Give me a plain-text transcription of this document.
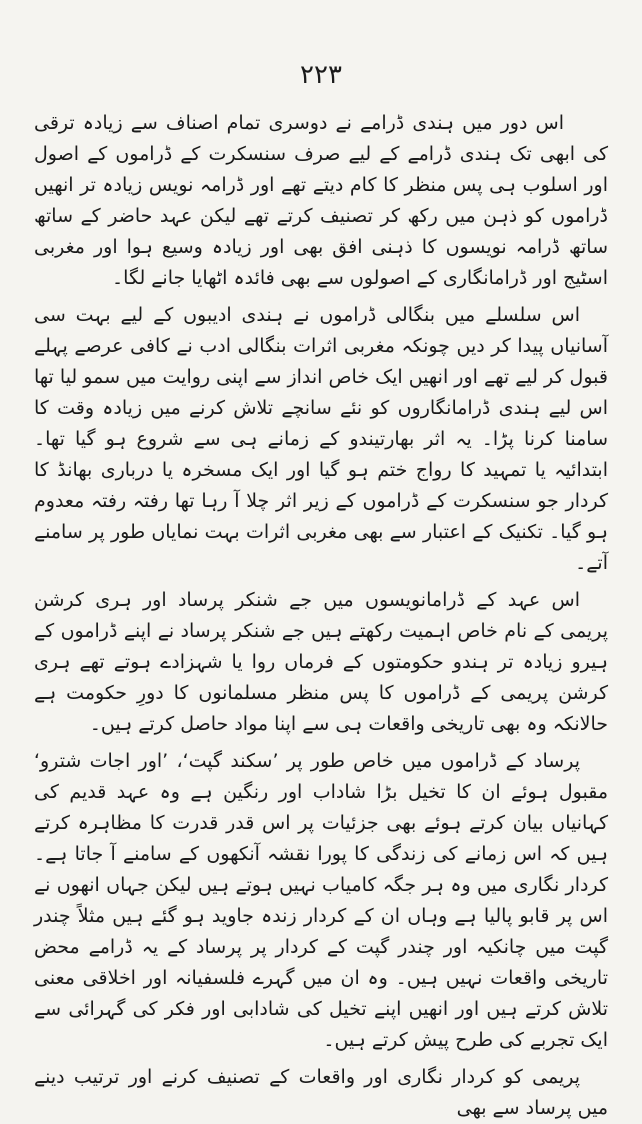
٢٢٣

اس دور میں ہندی ڈرامے نے دوسری تمام اصناف سے زیادہ ترقی کی ابھی تک ہندی ڈرامے کے لیے صرف سنسکرت کے ڈراموں کے اصول اور اسلوب ہی پس منظر کا کام دیتے تھے اور ڈرامہ نویس زیادہ تر انھیں ڈراموں کو ذہن میں رکھ کر تصنیف کرتے تھے لیکن عہد حاضر کے ساتھ ساتھ ڈرامہ نویسوں کا ذہنی افق بھی اور زیادہ وسیع ہوا اور مغربی اسٹیج اور ڈرامانگاری کے اصولوں سے بھی فائدہ اٹھایا جانے لگا۔

اس سلسلے میں بنگالی ڈراموں نے ہندی ادیبوں کے لیے بہت سی آسانیاں پیدا کر دیں چونکہ مغربی اثرات بنگالی ادب نے کافی عرصے پہلے قبول کر لیے تھے اور انھیں ایک خاص انداز سے اپنی روایت میں سمو لیا تھا اس لیے ہندی ڈرامانگاروں کو نئے سانچے تلاش کرنے میں زیادہ وقت کا سامنا کرنا پڑا۔ یہ اثر بھارتیندو کے زمانے ہی سے شروع ہو گیا تھا۔ ابتدائیہ یا تمہید کا رواج ختم ہو گیا اور ایک مسخرہ یا درباری بھانڈ کا کردار جو سنسکرت کے ڈراموں کے زیر اثر چلا آ رہا تھا رفتہ رفتہ معدوم ہو گیا۔ تکنیک کے اعتبار سے بھی مغربی اثرات بہت نمایاں طور پر سامنے آتے۔

اس عہد کے ڈرامانویسوں میں جے شنکر پرساد اور ہری کرشن پریمی کے نام خاص اہمیت رکھتے ہیں جے شنکر پرساد نے اپنے ڈراموں کے ہیرو زیادہ تر ہندو حکومتوں کے فرماں روا یا شہزادے ہوتے تھے ہری کرشن پریمی کے ڈراموں کا پس منظر مسلمانوں کا دورِ حکومت ہے حالانکہ وہ بھی تاریخی واقعات ہی سے اپنا مواد حاصل کرتے ہیں۔

پرساد کے ڈراموں میں خاص طور پر ’سکند گپت‘، ’اور اجات شترو‘ مقبول ہوئے ان کا تخیل بڑا شاداب اور رنگین ہے وہ عہد قدیم کی کہانیاں بیان کرتے ہوئے بھی جزئیات پر اس قدر قدرت کا مظاہرہ کرتے ہیں کہ اس زمانے کی زندگی کا پورا نقشہ آنکھوں کے سامنے آ جاتا ہے۔ کردار نگاری میں وہ ہر جگہ کامیاب نہیں ہوتے ہیں لیکن جہاں انھوں نے اس پر قابو پالیا ہے وہاں ان کے کردار زندہ جاوید ہو گئے ہیں مثلاً چندر گپت میں چانکیہ اور چندر گپت کے کردار پر پرساد کے یہ ڈرامے محض تاریخی واقعات نہیں ہیں۔ وہ ان میں گہرے فلسفیانہ اور اخلاقی معنی تلاش کرتے ہیں اور انھیں اپنے تخیل کی شادابی اور فکر کی گہرائی سے ایک تجربے کی طرح پیش کرتے ہیں۔

پریمی کو کردار نگاری اور واقعات کے تصنیف کرنے اور ترتیب دینے میں پرساد سے بھی
